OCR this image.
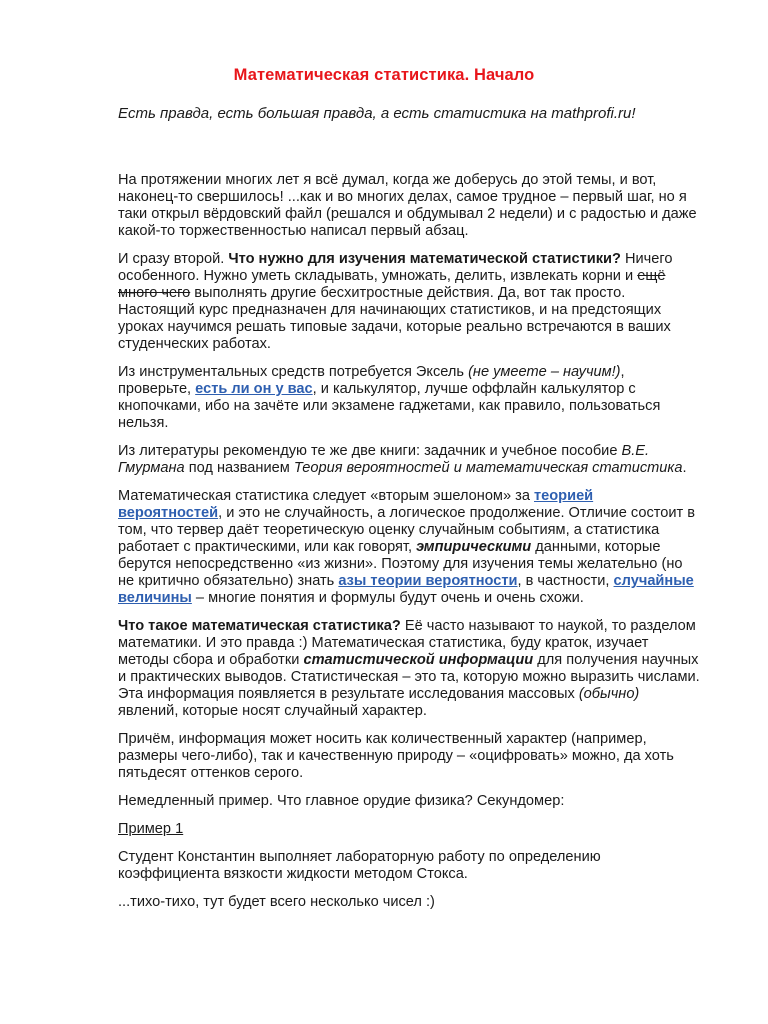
Математическая статистика. Начало
Есть правда, есть большая правда, а есть статистика на mathprofi.ru!

На протяжении многих лет я всё думал, когда же доберусь до этой темы, и вот, наконец-то свершилось! ...как и во многих делах, самое трудное – первый шаг, но я таки открыл вёрдовский файл (решался и обдумывал 2 недели) и с радостью и даже какой-то торжественностью написал первый абзац.

И сразу второй. Что нужно для изучения математической статистики? Ничего особенного. Нужно уметь складывать, умножать, делить, извлекать корни и ещё много чего выполнять другие бесхитростные действия. Да, вот так просто. Настоящий курс предназначен для начинающих статистиков, и на предстоящих уроках научимся решать типовые задачи, которые реально встречаются в ваших студенческих работах.

Из инструментальных средств потребуется Эксель (не умеете – научим!), проверьте, есть ли он у вас, и калькулятор, лучше оффлайн калькулятор с кнопочками, ибо на зачёте или экзамене гаджетами, как правило, пользоваться нельзя.

Из литературы рекомендую те же две книги: задачник и учебное пособие В.Е. Гмурмана под названием Теория вероятностей и математическая статистика.

Математическая статистика следует «вторым эшелоном» за теорией вероятностей, и это не случайность, а логическое продолжение. Отличие состоит в том, что тервер даёт теоретическую оценку случайным событиям, а статистика работает с практическими, или как говорят, эмпирическими данными, которые берутся непосредственно «из жизни». Поэтому для изучения темы желательно (но не критично обязательно) знать азы теории вероятности, в частности, случайные величины – многие понятия и формулы будут очень и очень схожи.

Что такое математическая статистика? Её часто называют то наукой, то разделом математики. И это правда :) Математическая статистика, буду краток, изучает методы сбора и обработки статистической информации для получения научных и практических выводов. Статистическая – это та, которую можно выразить числами. Эта информация появляется в результате исследования массовых (обычно) явлений, которые носят случайный характер.

Причём, информация может носить как количественный характер (например, размеры чего-либо), так и качественную природу – «оцифровать» можно, да хоть пятьдесят оттенков серого.

Немедленный пример. Что главное орудие физика? Секундомер:

Пример 1

Студент Константин выполняет лабораторную работу по определению коэффициента вязкости жидкости методом Стокса.

...тихо-тихо, тут будет всего несколько чисел :)
